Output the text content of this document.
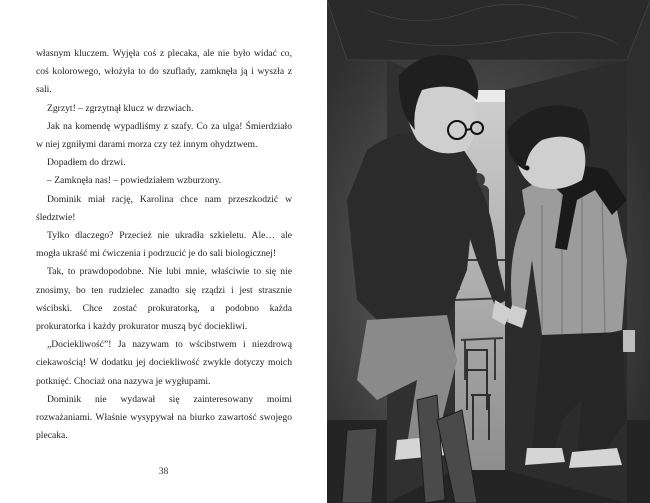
własnym kluczem. Wyjęła coś z plecaka, ale nie było widać co, coś kolorowego, włożyła to do szuflady, zamknęła ją i wyszła z sali.

Zgrzyt! – zgrzytnął klucz w drzwiach.

Jak na komendę wypadliśmy z szafy. Co za ulga! Śmierdziało w niej zgniłymi darami morza czy też innym ohydztwem.

Dopadłem do drzwi.

– Zamknęła nas! – powiedziałem wzburzony.

Dominik miał rację, Karolina chce nam przeszkodzić w śledztwie!

Tylko dlaczego? Przecież nie ukradła szkieletu. Ale… ale mogła ukraść mi ćwiczenia i podrzucić je do sali biologicznej!

Tak, to prawdopodobne. Nie lubi mnie, właściwie to się nie znosimy, bo ten rudzielec zanadto się rządzi i jest strasznie wścibski. Chce zostać prokuratorką, a podobno każda prokuratorka i każdy prokurator muszą być dociekliwi.

„Dociekliwość”! Ja nazywam to wścibstwem i niezdrową ciekawością! W dodatku jej dociekliwość zwykle dotyczy moich potknięć. Chociaż ona nazywa je wygłupami.

Dominik nie wydawał się zainteresowany moimi rozważaniami. Właśnie wysypywał na biurko zawartość swojego plecaka.

38
